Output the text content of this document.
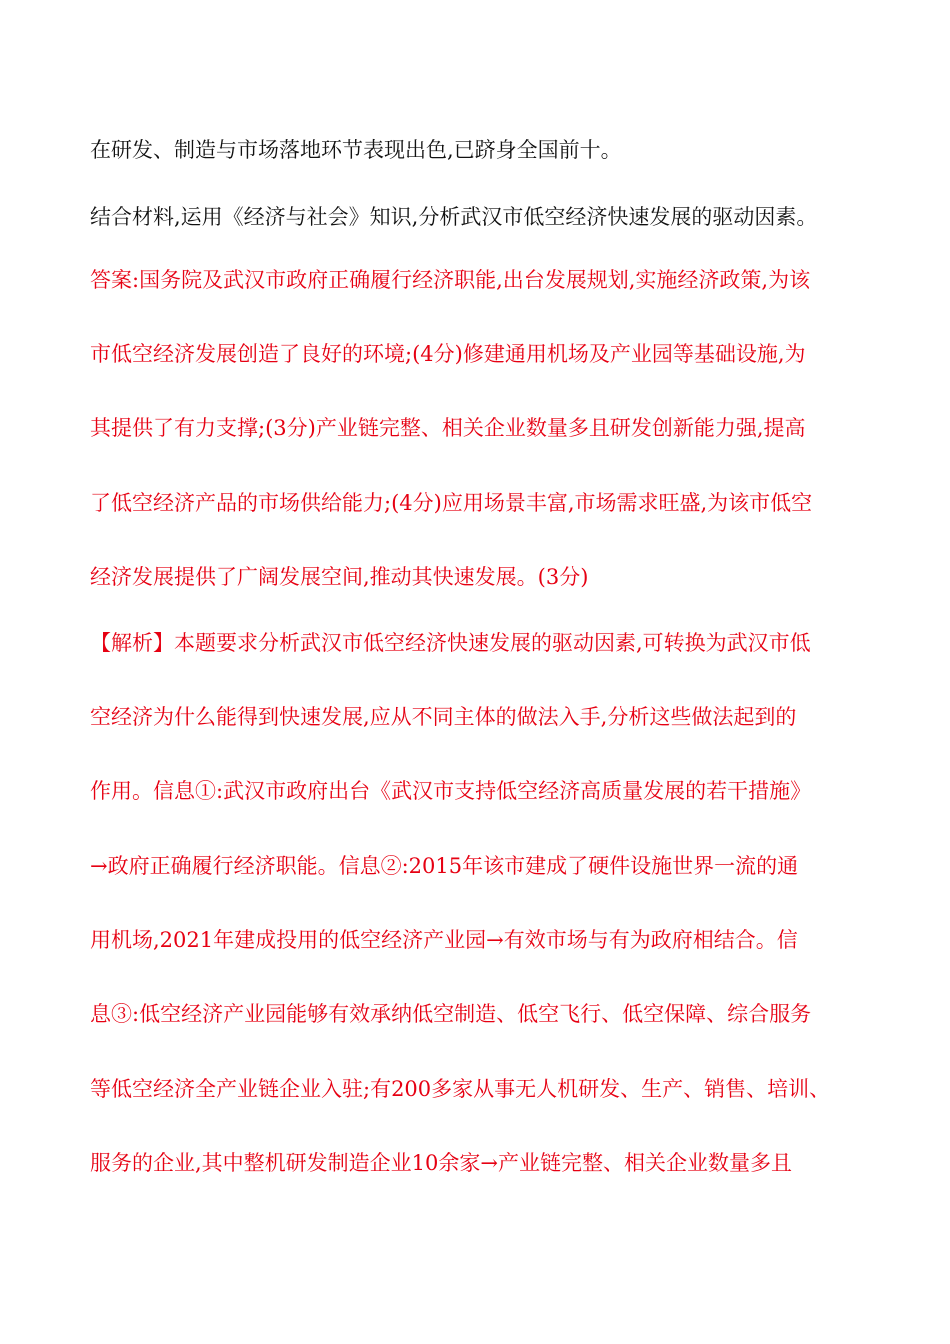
在研发、制造与市场落地环节表现出色,已跻身全国前十。
结合材料,运用《经济与社会》知识,分析武汉市低空经济快速发展的驱动因素。
答案:国务院及武汉市政府正确履行经济职能,出台发展规划,实施经济政策,为该
市低空经济发展创造了良好的环境;(4分)修建通用机场及产业园等基础设施,为
其提供了有力支撑;(3分)产业链完整、相关企业数量多且研发创新能力强,提高
了低空经济产品的市场供给能力;(4分)应用场景丰富,市场需求旺盛,为该市低空
经济发展提供了广阔发展空间,推动其快速发展。(3分)
【解析】本题要求分析武汉市低空经济快速发展的驱动因素,可转换为武汉市低
空经济为什么能得到快速发展,应从不同主体的做法入手,分析这些做法起到的
作用。信息①:武汉市政府出台《武汉市支持低空经济高质量发展的若干措施》
→政府正确履行经济职能。信息②:2015年该市建成了硬件设施世界一流的通
用机场,2021年建成投用的低空经济产业园→有效市场与有为政府相结合。信
息③:低空经济产业园能够有效承纳低空制造、低空飞行、低空保障、综合服务
等低空经济全产业链企业入驻;有200多家从事无人机研发、生产、销售、培训、
服务的企业,其中整机研发制造企业10余家→产业链完整、相关企业数量多且
